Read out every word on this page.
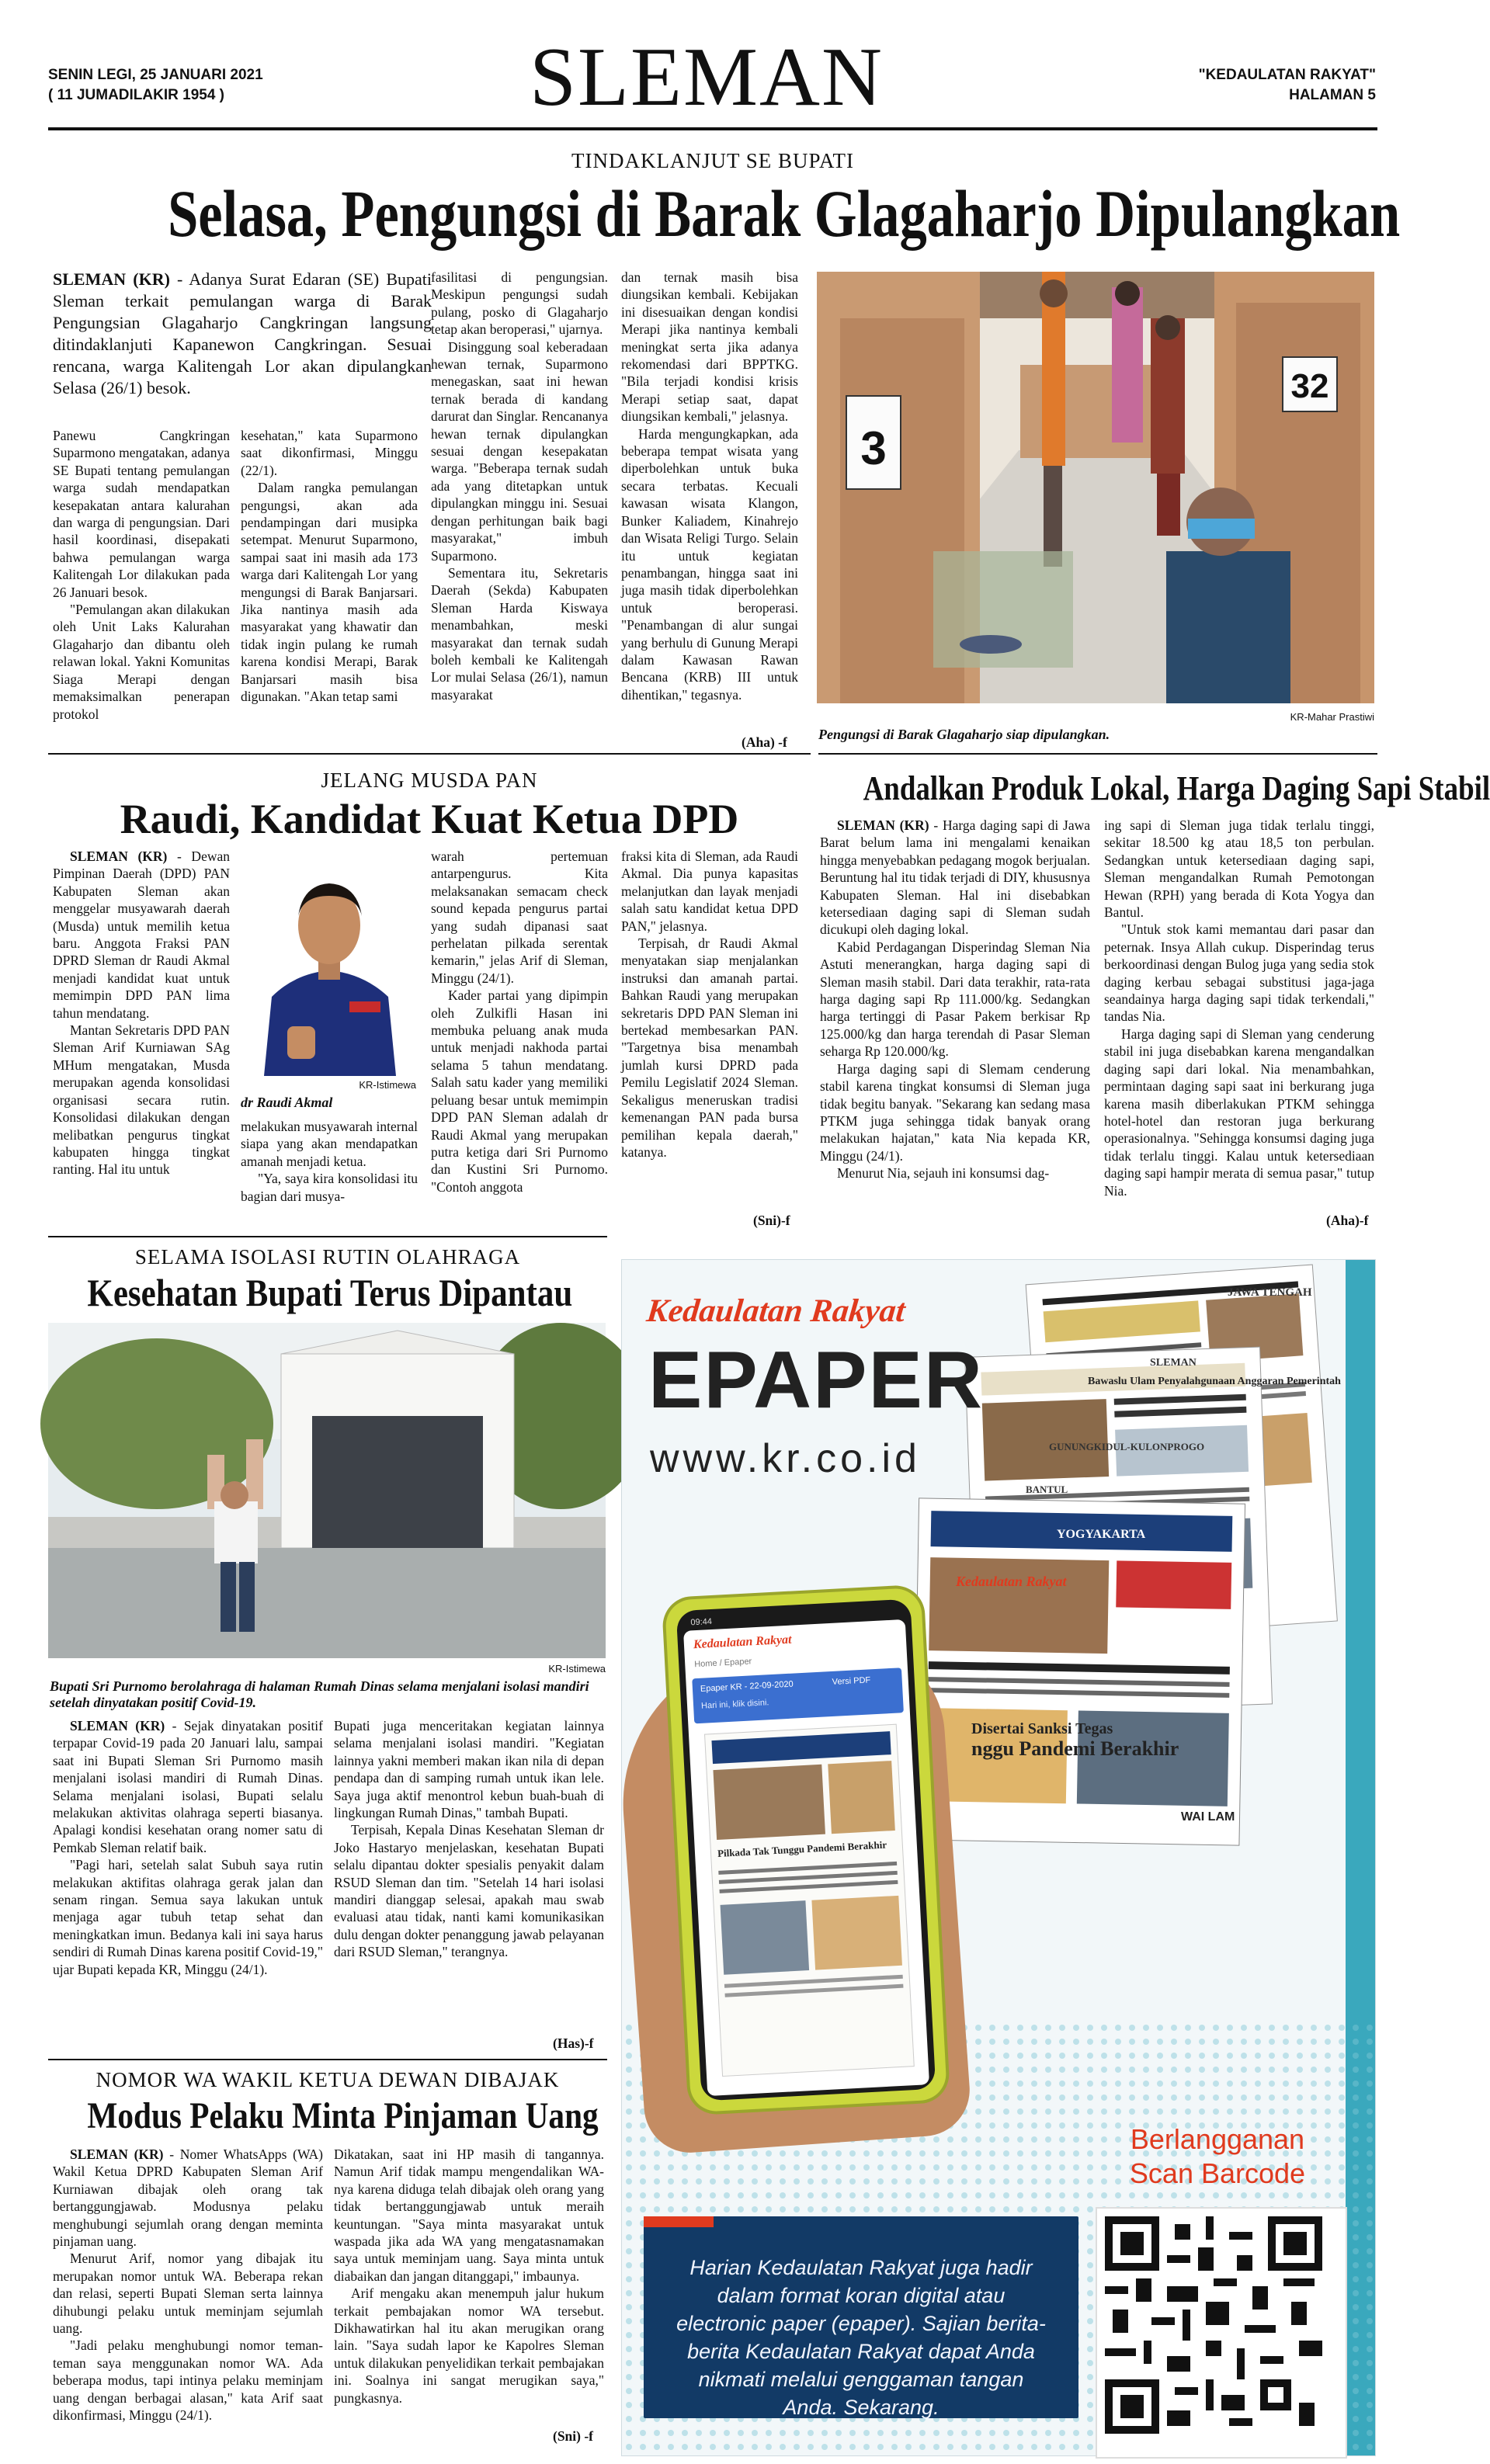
SENIN LEGI, 25 JANUARI 2021
( 11 JUMADILAKIR 1954 )	SLEMAN	"KEDAULATAN RAKYAT"
HALAMAN 5
TINDAKLANJUT SE BUPATI
Selasa, Pengungsi di Barak Glagaharjo Dipulangkan
SLEMAN (KR) - Adanya Surat Edaran (SE) Bupati Sleman terkait pemulangan warga di Barak Pengungsian Glagaharjo Cangkringan langsung ditindaklanjuti Kapanewon Cangkringan. Sesuai rencana, warga Kalitengah Lor akan dipulangkan Selasa (26/1) besok.

Panewu Cangkringan Suparmono mengatakan, adanya SE Bupati tentang pemulangan warga sudah mendapatkan kesepakatan antara kalurahan dan warga di pengungsian. Dari hasil koordinasi, disepakati bahwa pemulangan warga Kalitengah Lor dilakukan pada 26 Januari besok.

"Pemulangan akan dilakukan oleh Unit Laks Kalurahan Glagaharjo dan dibantu oleh relawan lokal. Yakni Komunitas Siaga Merapi dengan memaksimalkan penerapan protokol

kesehatan," kata Suparmono saat dikonfirmasi, Minggu (22/1).

Dalam rangka pemulangan pengungsi, akan ada pendampingan dari musipka setempat. Menurut Suparmono, sampai saat ini masih ada 173 warga dari Kalitengah Lor yang mengungsi di Barak Banjarsari. Jika nantinya masih ada masyarakat yang khawatir dan tidak ingin pulang ke rumah karena kondisi Merapi, Barak Banjarsari masih bisa digunakan. "Akan tetap sami

fasilitasi di pengungsian. Meskipun pengungsi sudah pulang, posko di Glagaharjo tetap akan beroperasi," ujarnya.

Disinggung soal keberadaan hewan ternak, Suparmono menegaskan, saat ini hewan ternak berada di kandang darurat dan Singlar. Rencananya hewan ternak dipulangkan sesuai dengan kesepakatan warga. "Beberapa ternak sudah ada yang ditetapkan untuk dipulangkan minggu ini. Sesuai dengan perhitungan baik bagi masyarakat," imbuh Suparmono.

Sementara itu, Sekretaris Daerah (Sekda) Kabupaten Sleman Harda Kiswaya menambahkan, meski masyarakat dan ternak sudah boleh kembali ke Kalitengah Lor mulai Selasa (26/1), namun masyarakat

dan ternak masih bisa diungsikan kembali. Kebijakan ini disesuaikan dengan kondisi Merapi jika nantinya kembali meningkat serta jika adanya rekomendasi dari BPPTKG. "Bila terjadi kondisi krisis Merapi setiap saat, dapat diungsikan kembali," jelasnya.

Harda mengungkapkan, ada beberapa tempat wisata yang diperbolehkan untuk buka secara terbatas. Kecuali kawasan wisata Klangon, Bunker Kaliadem, Kinahrejo dan Wisata Religi Turgo. Selain itu untuk kegiatan penambangan, hingga saat ini juga masih tidak diperbolehkan untuk beroperasi. "Penambangan di alur sungai yang berhulu di Gunung Merapi dalam Kawasan Rawan Bencana (KRB) III untuk dihentikan," tegasnya.

(Aha) -f
3
32
KR-Mahar Prastiwi
Pengungsi di Barak Glagaharjo siap dipulangkan.
JELANG MUSDA PAN
Raudi, Kandidat Kuat Ketua DPD

SLEMAN (KR) - Dewan Pimpinan Daerah (DPD) PAN Kabupaten Sleman akan menggelar musyawarah daerah (Musda) untuk memilih ketua baru. Anggota Fraksi PAN DPRD Sleman dr Raudi Akmal menjadi kandidat kuat untuk memimpin DPD PAN lima tahun mendatang.

Mantan Sekretaris DPD PAN Sleman Arif Kurniawan SAg MHum mengatakan, Musda merupakan agenda konsolidasi organisasi secara rutin. Konsolidasi dilakukan dengan melibatkan pengurus tingkat kabupaten hingga tingkat ranting. Hal itu untuk

KR-Istimewa
dr Raudi Akmal

melakukan musyawarah internal siapa yang akan mendapatkan amanah menjadi ketua.

"Ya, saya kira konsolidasi itu bagian dari musya-

warah pertemuan antarpengurus. Kita melaksanakan semacam check sound kepada pengurus partai yang sudah dipanasi saat perhelatan pilkada serentak kemarin," jelas Arif di Sleman, Minggu (24/1).

Kader partai yang dipimpin oleh Zulkifli Hasan ini membuka peluang anak muda untuk menjadi nakhoda partai selama 5 tahun mendatang. Salah satu kader yang memiliki peluang besar untuk memimpin DPD PAN Sleman adalah dr Raudi Akmal yang merupakan putra ketiga dari Sri Purnomo dan Kustini Sri Purnomo. "Contoh anggota

fraksi kita di Sleman, ada Raudi Akmal. Dia punya kapasitas melanjutkan dan layak menjadi salah satu kandidat ketua DPD PAN," jelasnya.

Terpisah, dr Raudi Akmal menyatakan siap menjalankan instruksi dan amanah partai. Bahkan Raudi yang merupakan sekretaris DPD PAN Sleman ini bertekad membesarkan PAN. "Targetnya bisa menambah jumlah kursi DPRD pada Pemilu Legislatif 2024 Sleman. Sekaligus meneruskan tradisi kemenangan PAN pada bursa pemilihan kepala daerah," katanya.

(Sni)-f
Andalkan Produk Lokal, Harga Daging Sapi Stabil

SLEMAN (KR) - Harga daging sapi di Jawa Barat belum lama ini mengalami kenaikan hingga menyebabkan pedagang mogok berjualan. Beruntung hal itu tidak terjadi di DIY, khususnya Kabupaten Sleman. Hal ini disebabkan ketersediaan daging sapi di Sleman sudah dicukupi oleh daging lokal.

Kabid Perdagangan Disperindag Sleman Nia Astuti menerangkan, harga daging sapi di Sleman masih stabil. Dari data terakhir, rata-rata harga daging sapi Rp 111.000/kg. Sedangkan harga tertinggi di Pasar Pakem berkisar Rp 125.000/kg dan harga terendah di Pasar Sleman seharga Rp 120.000/kg.

Harga daging sapi di Slemam cenderung stabil karena tingkat konsumsi di Sleman juga tidak begitu banyak. "Sekarang kan sedang masa PTKM juga sehingga tidak banyak orang melakukan hajatan," kata Nia kepada KR, Minggu (24/1).

Menurut Nia, sejauh ini konsumsi dag-

ing sapi di Sleman juga tidak terlalu tinggi, sekitar 18.500 kg atau 18,5 ton perbulan. Sedangkan untuk ketersediaan daging sapi, Sleman mengandalkan Rumah Pemotongan Hewan (RPH) yang berada di Kota Yogya dan Bantul.

"Untuk stok kami memantau dari pasar dan peternak. Insya Allah cukup. Disperindag terus berkoordinasi dengan Bulog juga yang sedia stok daging kerbau sebagai substitusi jaga-jaga seandainya harga daging sapi tidak terkendali," tandas Nia.

Harga daging sapi di Sleman yang cenderung stabil ini juga disebabkan karena mengandalkan daging sapi dari lokal. Nia menambahkan, permintaan daging sapi saat ini berkurang juga karena masih diberlakukan PTKM sehingga hotel-hotel dan restoran juga berkurang operasionalnya. "Sehingga konsumsi daging juga tidak terlalu tinggi. Kalau untuk ketersediaan daging sapi hampir merata di semua pasar," tutup Nia.

(Aha)-f
SELAMA ISOLASI RUTIN OLAHRAGA
Kesehatan Bupati Terus Dipantau
KR-Istimewa
Bupati Sri Purnomo berolahraga di halaman Rumah Dinas selama menjalani isolasi mandiri setelah dinyatakan positif Covid-19.

SLEMAN (KR) - Sejak dinyatakan positif terpapar Covid-19 pada 20 Januari lalu, sampai saat ini Bupati Sleman Sri Purnomo masih menjalani isolasi mandiri di Rumah Dinas. Selama menjalani isolasi, Bupati selalu melakukan aktivitas olahraga seperti biasanya. Apalagi kondisi kesehatan orang nomer satu di Pemkab Sleman relatif baik.

"Pagi hari, setelah salat Subuh saya rutin melakukan aktifitas olahraga gerak jalan dan senam ringan. Semua saya lakukan untuk menjaga agar tubuh tetap sehat dan meningkatkan imun. Bedanya kali ini saya harus sendiri di Rumah Dinas karena positif Covid-19," ujar Bupati kepada KR, Minggu (24/1).

Bupati juga menceritakan kegiatan lainnya selama menjalani isolasi mandiri. "Kegiatan lainnya yakni memberi makan ikan nila di depan pendapa dan di samping rumah untuk ikan lele. Saya juga aktif menontrol kebun buah-buah di lingkungan Rumah Dinas," tambah Bupati.

Terpisah, Kepala Dinas Kesehatan Sleman dr Joko Hastaryo menjelaskan, kesehatan Bupati selalu dipantau dokter spesialis penyakit dalam RSUD Sleman dan tim. "Setelah 14 hari isolasi mandiri dianggap selesai, apakah mau swab evaluasi atau tidak, nanti kami komunikasikan dulu dengan dokter penanggung jawab pelayanan dari RSUD Sleman," terangnya.

(Has)-f
NOMOR WA WAKIL KETUA DEWAN DIBAJAK
Modus Pelaku Minta Pinjaman Uang

SLEMAN (KR) - Nomer WhatsApps (WA) Wakil Ketua DPRD Kabupaten Sleman Arif Kurniawan dibajak oleh orang tak bertanggungjawab. Modusnya pelaku menghubungi sejumlah orang dengan meminta pinjaman uang.

Menurut Arif, nomor yang dibajak itu merupakan nomor untuk WA. Beberapa rekan dan relasi, seperti Bupati Sleman serta lainnya dihubungi pelaku untuk meminjam sejumlah uang.

"Jadi pelaku menghubungi nomor teman-teman saya menggunakan nomor WA. Ada beberapa modus, tapi intinya pelaku meminjam uang dengan berbagai alasan," kata Arif saat dikonfirmasi, Minggu (24/1).

Dikatakan, saat ini HP masih di tangannya. Namun Arif tidak mampu mengendalikan WA-nya karena diduga telah dibajak oleh orang yang tidak bertanggungjawab untuk meraih keuntungan. "Saya minta masyarakat untuk waspada jika ada WA yang mengatasnamakan saya untuk meminjam uang. Saya minta untuk diabaikan dan jangan ditanggapi," imbaunya.

Arif mengaku akan menempuh jalur hukum terkait pembajakan nomor WA tersebut. Dikhawatirkan hal itu akan merugikan orang lain. "Saya sudah lapor ke Kapolres Sleman untuk dilakukan penyelidikan terkait pembajakan ini. Soalnya ini sangat merugikan saya," pungkasnya.

(Sni) -f
JAWA TENGAH
SLEMAN
Bawaslu Ulam Penyalahgunaan Anggaran Pemerintah
GUNUNGKIDUL-KULONPROGO
BANTUL
YOGYAKARTA
Kedaulatan Rakyat
Disertai Sanksi Tegas
nggu Pandemi Berakhir
WAI LAM
Kedaulatan Rakyat
EPAPER
www.kr.co.id
09:44
Kedaulatan Rakyat
Home / Epaper
Epaper KR - 22-09-2020	Versi PDF
Hari ini, klik disini.
Pilkada Tak Tunggu Pandemi Berakhir
Berlangganan
Scan Barcode
Harian Kedaulatan Rakyat juga hadir dalam format koran digital atau electronic paper (epaper). Sajian berita-berita Kedaulatan Rakyat dapat Anda nikmati melalui genggaman tangan Anda. Sekarang.
